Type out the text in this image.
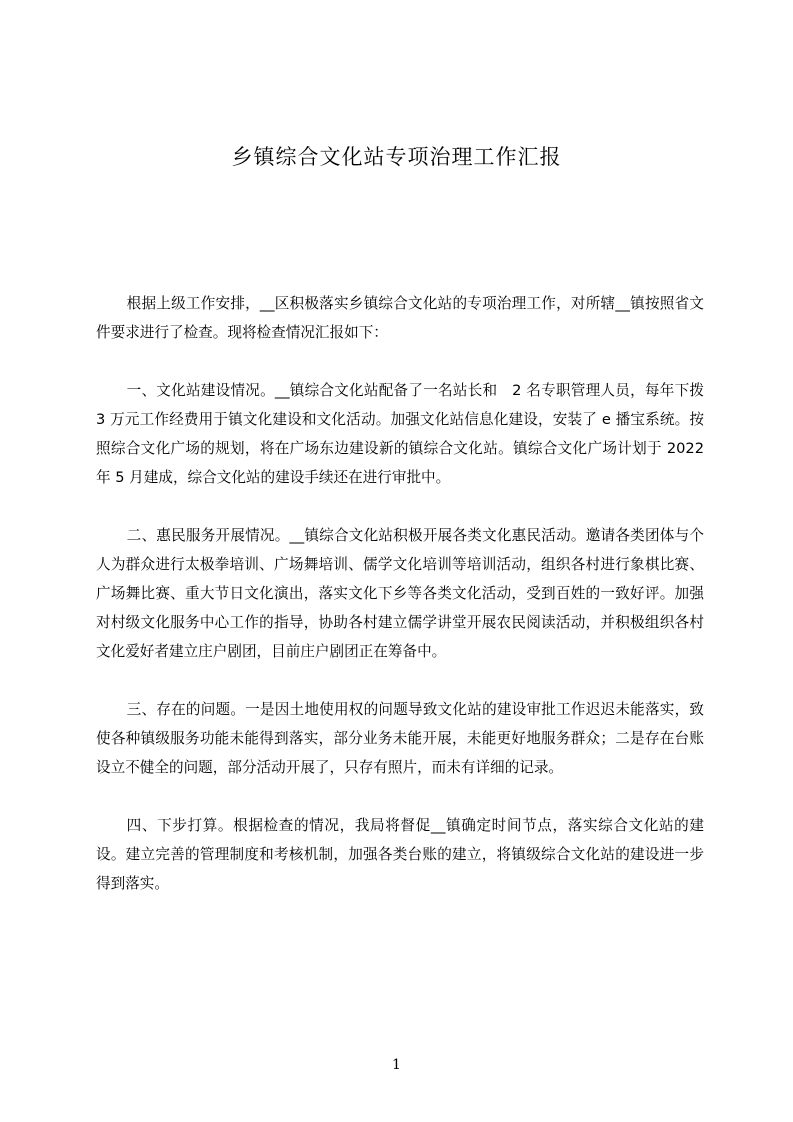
乡镇综合文化站专项治理工作汇报

根据上级工作安排，__区积极落实乡镇综合文化站的专项治理工作，对所辖__镇按照省文件要求进行了检查。现将检查情况汇报如下：

一、文化站建设情况。__镇综合文化站配备了一名站长和　2 名专职管理人员，每年下拨 3 万元工作经费用于镇文化建设和文化活动。加强文化站信息化建设，安装了 e 播宝系统。按照综合文化广场的规划，将在广场东边建设新的镇综合文化站。镇综合文化广场计划于 2022 年 5 月建成，综合文化站的建设手续还在进行审批中。

二、惠民服务开展情况。__镇综合文化站积极开展各类文化惠民活动。邀请各类团体与个人为群众进行太极拳培训、广场舞培训、儒学文化培训等培训活动，组织各村进行象棋比赛、广场舞比赛、重大节日文化演出，落实文化下乡等各类文化活动，受到百姓的一致好评。加强对村级文化服务中心工作的指导，协助各村建立儒学讲堂开展农民阅读活动，并积极组织各村文化爱好者建立庄户剧团，目前庄户剧团正在筹备中。

三、存在的问题。一是因土地使用权的问题导致文化站的建设审批工作迟迟未能落实，致使各种镇级服务功能未能得到落实，部分业务未能开展，未能更好地服务群众；二是存在台账设立不健全的问题，部分活动开展了，只存有照片，而未有详细的记录。

四、下步打算。根据检查的情况，我局将督促__镇确定时间节点，落实综合文化站的建设。建立完善的管理制度和考核机制，加强各类台账的建立，将镇级综合文化站的建设进一步得到落实。

1
